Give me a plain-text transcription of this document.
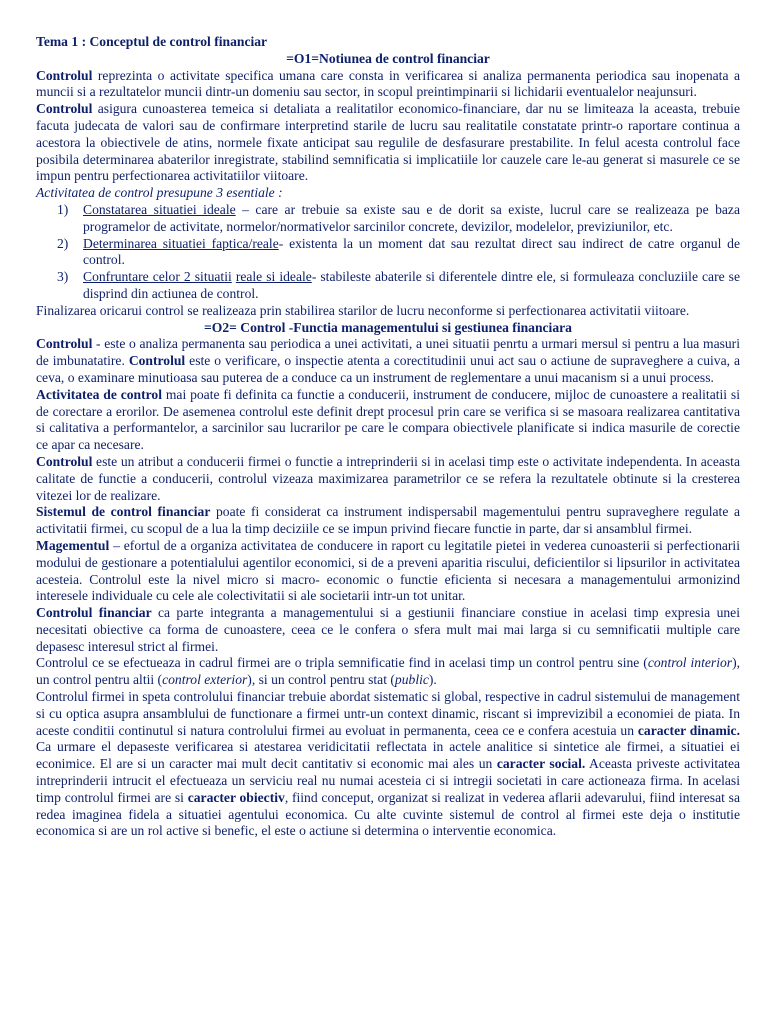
Tema 1 : Conceptul de control financiar

=O1=Notiunea de control financiar

Controlul reprezinta o activitate specifica umana care consta in verificarea si analiza permanenta periodica sau inopenata a muncii si a rezultatelor muncii dintr-un domeniu sau sector, in scopul preintimpinarii si lichidarii eventualelor neajunsuri.

Controlul asigura cunoasterea temeica si detaliata a realitatilor economico-financiare, dar nu se limiteaza la aceasta, trebuie facuta judecata de valori sau de confirmare interpretind starile de lucru sau realitatile constatate printr-o raportare continua a acestora la obiectivele de atins, normele fixate anticipat sau regulile de desfasurare prestabilite. In felul acesta controlul face posibila determinarea abaterilor inregistrate, stabilind semnificatia si implicatiile lor cauzele care le-au generat si masurele ce se impun pentru perfectionarea activitatiilor viitoare.

Activitatea de control presupune 3 esentiale :

1) Constatarea situatiei ideale – care ar trebuie sa existe sau e de dorit sa existe, lucrul care se realizeaza pe baza programelor de activitate, normelor/normativelor sarcinilor concrete, devizilor, modelelor, previziunilor, etc.
2) Determinarea situatiei faptica/reale- existenta la un moment dat sau rezultat direct sau indirect de catre organul de control.
3) Confruntare celor 2 situatii reale si ideale- stabileste abaterile si diferentele dintre ele, si formuleaza concluziile care se disprind din actiunea de control.

Finalizarea oricarui control se realizeaza prin stabilirea starilor de lucru neconforme si perfectionarea activitatii viitoare.

=O2= Control -Functia managementului si gestiunea financiara

Controlul - este o analiza permanenta sau periodica a unei activitati, a unei situatii penrtu a urmari mersul si pentru a lua masuri de imbunatatire. Controlul este o verificare, o inspectie atenta a corectitudinii unui act sau o actiune de supraveghere a cuiva, a ceva, o examinare minutioasa sau puterea de a conduce ca un instrument de reglementare a unui macanism si a unui process.

Activitatea de control mai poate fi definita ca functie a conducerii, instrument de conducere, mijloc de cunoastere a realitatii si de corectare a erorilor. De asemenea controlul este definit drept procesul prin care se verifica si se masoara realizarea cantitativa si calitativa a performantelor, a sarcinilor sau lucrarilor pe care le compara obiectivele planificate si indica masurile de corectie ce apar ca necesare.

Controlul este un atribut a conducerii firmei o functie a intreprinderii si in acelasi timp este o activitate independenta. In aceasta calitate de functie a conducerii, controlul vizeaza maximizarea parametrilor ce se refera la rezultatele obtinute si la cresterea vitezei lor de realizare.

Sistemul de control financiar poate fi considerat ca instrument indispersabil magementului pentru supraveghere regulate a activitatii firmei, cu scopul de a lua la timp deciziile ce se impun privind fiecare functie in parte, dar si ansamblul firmei.

Magementul – efortul de a organiza activitatea de conducere in raport cu legitatile pietei in vederea cunoasterii si perfectionarii modului de gestionare a potentialului agentilor economici, si de a preveni aparitia riscului, deficientilor si lipsurilor in activitatea acesteia. Controlul este la nivel micro si macro- economic o functie eficienta si necesara a managementului armonizind interesele individuale cu cele ale colectivitatii si ale societarii intr-un tot unitar.

Controlul financiar ca parte integranta a managementului si a gestiunii financiare constiue in acelasi timp expresia unei necesitati obiective ca forma de cunoastere, ceea ce le confera o sfera mult mai mai larga si cu semnificatii multiple care depasesc interesul strict al firmei.

Controlul ce se efectueaza in cadrul firmei are o tripla semnificatie find in acelasi timp un control pentru sine (control interior), un control pentru altii (control exterior), si un control pentru stat (public).

Controlul firmei in speta controlului financiar trebuie abordat sistematic si global, respective in cadrul sistemului de management si cu optica asupra ansamblului de functionare a firmei untr-un context dinamic, riscant si imprevizibil a economiei de piata. In aceste conditii continutul si natura controlului firmei au evoluat in permanenta, ceea ce e confera acestuia un caracter dinamic. Ca urmare el depaseste verificarea si atestarea veridicitatii reflectata in actele analitice si sintetice ale firmei, a situatiei ei econimice. El are si un caracter mai mult decit cantitativ si economic mai ales un caracter social. Aceasta priveste activitatea intreprinderii intrucit el efectueaza un serviciu real nu numai acesteia ci si intregii societati in care actioneaza firma. In acelasi timp controlul firmei are si caracter obiectiv, fiind conceput, organizat si realizat in vederea aflarii adevarului, fiind interesat sa redea imaginea fidela a situatiei agentului economica. Cu alte cuvinte sistemul de control al firmei este deja o institutie economica si are un rol active si benefic, el este o actiune si determina o interventie economica.
